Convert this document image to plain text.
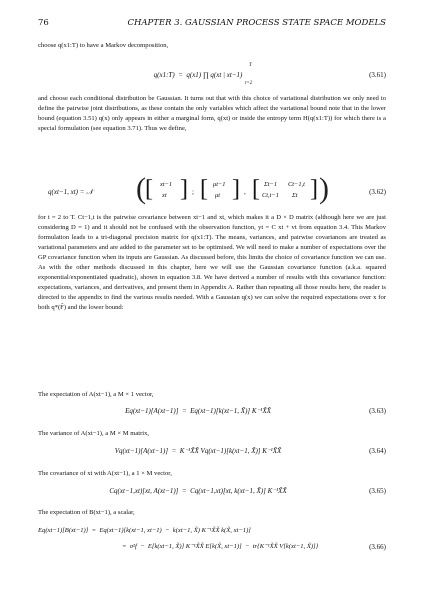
76	CHAPTER 3. GAUSSIAN PROCESS STATE SPACE MODELS
choose q(x1:T) to have a Markov decomposition,
q(x1:T)  =  q(x1) ∏ q(xt | xt−1)
T
t=2
(3.61)
and choose each conditional distribution be Gaussian. It turns out that with this choice of variational distribution we only need to define the pairwise joint distributions, as these contain the only variables which affect the variational bound note that in the lower bound (equation 3.51) q(x) only appears in either a marginal form, q(xt) or inside the entropy term H(q(x1:T)) for which there is a special formulation (see equation 3.71). Thus we define,
q(xt−1, xt) = 𝒩 ( [ xt−1
xt ] ; [ μt−1
μt ] , [ Σt−1 Ct−1,t
Ct,t−1 Σt ] )	(3.62)
for t = 2 to T. Ct−1,t is the pairwise covariance between xt−1 and xt, which makes it a D × D matrix (although here we are just considering D = 1) and it should not be confused with the observation function, yt = C xt + vt from equation 3.4. This Markov formulation leads to a tri-diagonal precision matrix for q(x1:T). The means, variances, and pairwise covariances are treated as variational parameters and are added to the parameter set to be optimised. We will need to make a number of expectations over the GP covariance function when its inputs are Gaussian. As discussed before, this limits the choice of covariance function we can use. As with the other methods discussed in this chapter, here we will use the Gaussian covariance function (a.k.a. squared exponential/exponentiated quadratic), shown in equation 3.8. We have derived a number of results with this covariance function: expectations, variances, and derivatives, and present them in Appendix A. Rather than repeating all those results here, the reader is directed to the appendix to find the various results needed. With a Gaussian q(x) we can solve the required expectations over x for both q*(F̃) and the lower bound:
The expectation of A(xt−1), a M × 1 vector,
Eq(xt−1)[A(xt−1)]  =  Eq(xt−1)[k(xt−1, X̃)] K⁻¹X̃X̃	(3.63)
The variance of A(xt−1), a M × M matrix,
Vq(xt−1)[A(xt−1)]  =  K⁻¹X̃X̃ Vq(xt−1)[k(xt−1, X̃)] K⁻¹X̃X̃	(3.64)
The covariance of xt with A(xt−1), a 1 × M vector,
Cq(xt−1,xt)[xt, A(xt−1)]  =  Cq(xt−1,xt)[xt, k(xt−1, X̃)] K⁻¹X̃X̃	(3.65)
The expectation of B(xt−1), a scalar,
Eq(xt−1)[B(xt−1)]  =  Eq(xt−1)[k(xt−1, xt−1)  −  k(xt−1, X̃) K⁻¹X̃X̃ k(X̃, xt−1)]
=  σ²f  −  E[k(xt−1, X̃)] K⁻¹X̃X̃ E[k(X̃, xt−1)]  −  tr{K⁻¹X̃X̃ V[k(xt−1, X̃)]}	(3.66)
